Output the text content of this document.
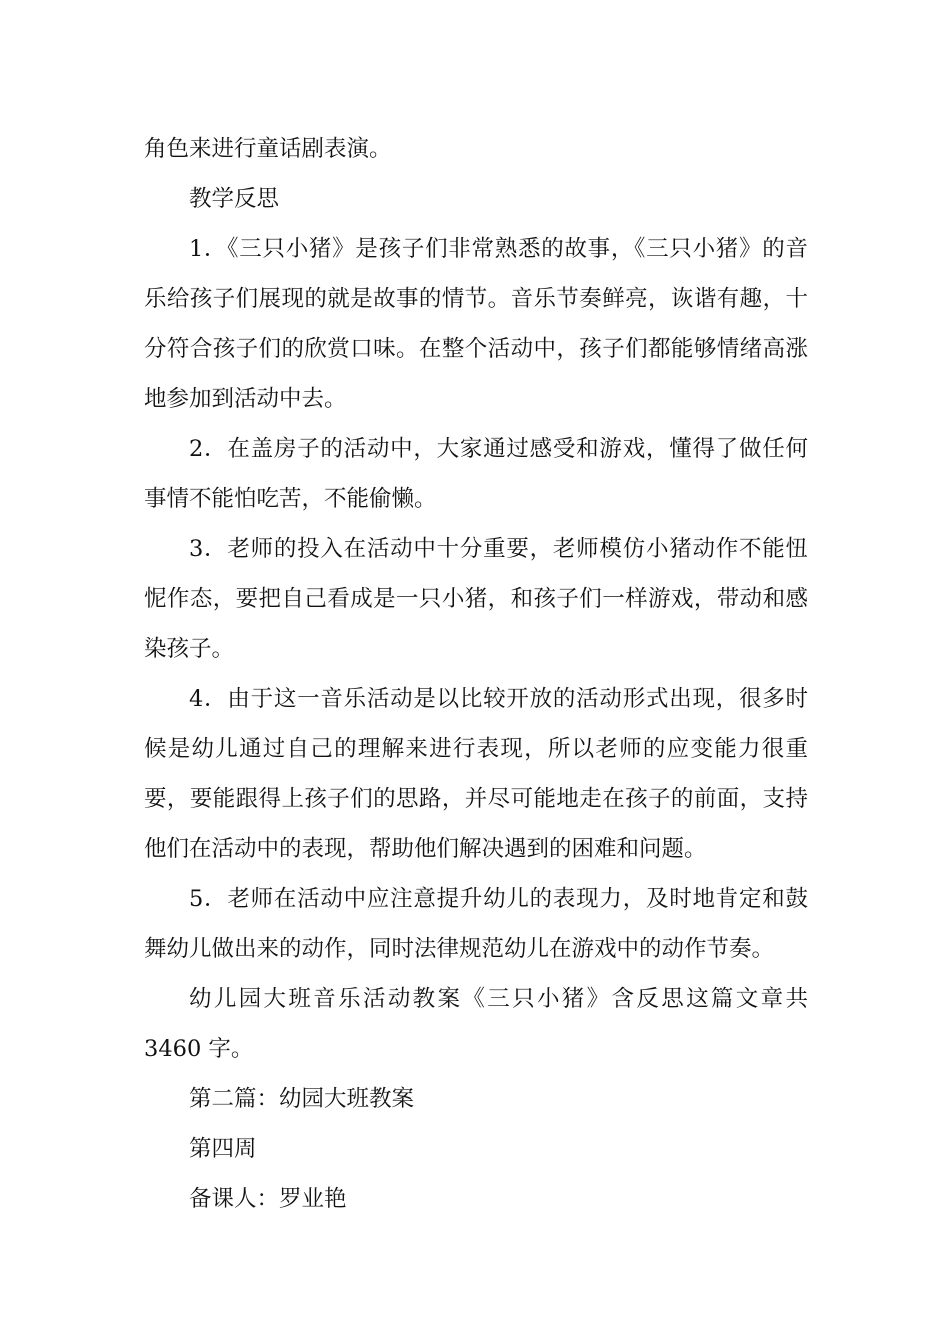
角色来进行童话剧表演。

教学反思

1．《三只小猪》是孩子们非常熟悉的故事，《三只小猪》的音乐给孩子们展现的就是故事的情节。音乐节奏鲜亮，诙谐有趣，十分符合孩子们的欣赏口味。在整个活动中，孩子们都能够情绪高涨地参加到活动中去。

2．在盖房子的活动中，大家通过感受和游戏，懂得了做任何事情不能怕吃苦，不能偷懒。

3．老师的投入在活动中十分重要，老师模仿小猪动作不能忸怩作态，要把自己看成是一只小猪，和孩子们一样游戏，带动和感染孩子。

4．由于这一音乐活动是以比较开放的活动形式出现，很多时候是幼儿通过自己的理解来进行表现，所以老师的应变能力很重要，要能跟得上孩子们的思路，并尽可能地走在孩子的前面，支持他们在活动中的表现，帮助他们解决遇到的困难和问题。

5．老师在活动中应注意提升幼儿的表现力，及时地肯定和鼓舞幼儿做出来的动作，同时法律规范幼儿在游戏中的动作节奏。

幼儿园大班音乐活动教案《三只小猪》含反思这篇文章共 3460 字。

第二篇：幼园大班教案

第四周

备课人：罗业艳
